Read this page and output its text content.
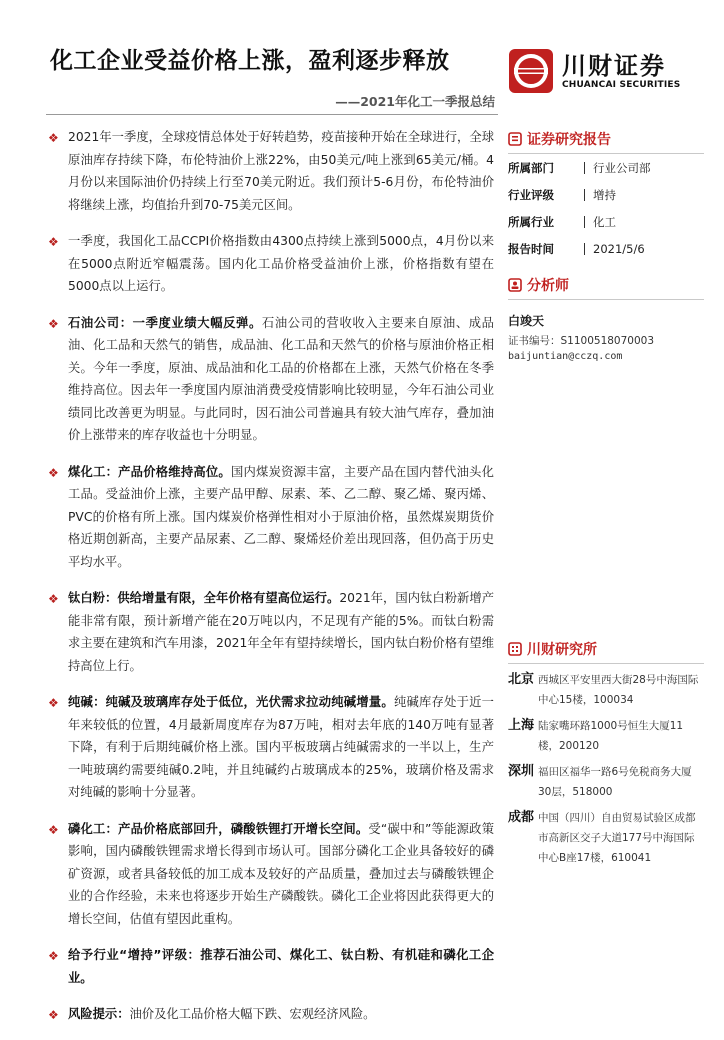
化工企业受益价格上涨，盈利逐步释放
——2021年化工一季报总结
川财证券
CHUANCAI SECURITIES

❖ 2021年一季度，全球疫情总体处于好转趋势，疫苗接种开始在全球进行，全球原油库存持续下降，布伦特油价上涨22%，由50美元/吨上涨到65美元/桶。4月份以来国际油价仍持续上行至70美元附近。我们预计5-6月份，布伦特油价将继续上涨，均值抬升到70-75美元区间。

❖ 一季度，我国化工品CCPI价格指数由4300点持续上涨到5000点，4月份以来在5000点附近窄幅震荡。国内化工品价格受益油价上涨，价格指数有望在5000点以上运行。

❖ 石油公司：一季度业绩大幅反弹。石油公司的营收收入主要来自原油、成品油、化工品和天然气的销售，成品油、化工品和天然气的价格与原油价格正相关。今年一季度，原油、成品油和化工品的价格都在上涨，天然气价格在冬季维持高位。因去年一季度国内原油消费受疫情影响比较明显，今年石油公司业绩同比改善更为明显。与此同时，因石油公司普遍具有较大油气库存，叠加油价上涨带来的库存收益也十分明显。

❖ 煤化工：产品价格维持高位。国内煤炭资源丰富，主要产品在国内替代油头化工品。受益油价上涨，主要产品甲醇、尿素、苯、乙二醇、聚乙烯、聚丙烯、PVC的价格有所上涨。国内煤炭价格弹性相对小于原油价格，虽然煤炭期货价格近期创新高，主要产品尿素、乙二醇、聚烯烃价差出现回落，但仍高于历史平均水平。

❖ 钛白粉：供给增量有限，全年价格有望高位运行。2021年，国内钛白粉新增产能非常有限，预计新增产能在20万吨以内，不足现有产能的5%。而钛白粉需求主要在建筑和汽车用漆，2021年全年有望持续增长，国内钛白粉价格有望维持高位上行。

❖ 纯碱：纯碱及玻璃库存处于低位，光伏需求拉动纯碱增量。纯碱库存处于近一年来较低的位置，4月最新周度库存为87万吨，相对去年底的140万吨有显著下降，有利于后期纯碱价格上涨。国内平板玻璃占纯碱需求的一半以上，生产一吨玻璃约需要纯碱0.2吨，并且纯碱约占玻璃成本的25%，玻璃价格及需求对纯碱的影响十分显著。

❖ 磷化工：产品价格底部回升，磷酸铁锂打开增长空间。受“碳中和”等能源政策影响，国内磷酸铁锂需求增长得到市场认可。国部分磷化工企业具备较好的磷矿资源，或者具备较低的加工成本及较好的产品质量，叠加过去与磷酸铁锂企业的合作经验，未来也将逐步开始生产磷酸铁。磷化工企业将因此获得更大的增长空间，估值有望因此重构。

❖ 给予行业“增持”评级：推荐石油公司、煤化工、钛白粉、有机硅和磷化工企业。

❖ 风险提示：油价及化工品价格大幅下跌、宏观经济风险。

证券研究报告
所属部门	行业公司部
行业评级	增持
所属行业	化工
报告时间	2021/5/6
分析师
白竣天
证书编号：S1100518070003
baijuntian@cczq.com
川财研究所
北京 西城区平安里西大街28号中海国际中心15楼，100034
上海 陆家嘴环路1000号恒生大厦11楼，200120
深圳 福田区福华一路6号免税商务大厦30层，518000
成都 中国（四川）自由贸易试验区成都市高新区交子大道177号中海国际中心B座17楼，610041
